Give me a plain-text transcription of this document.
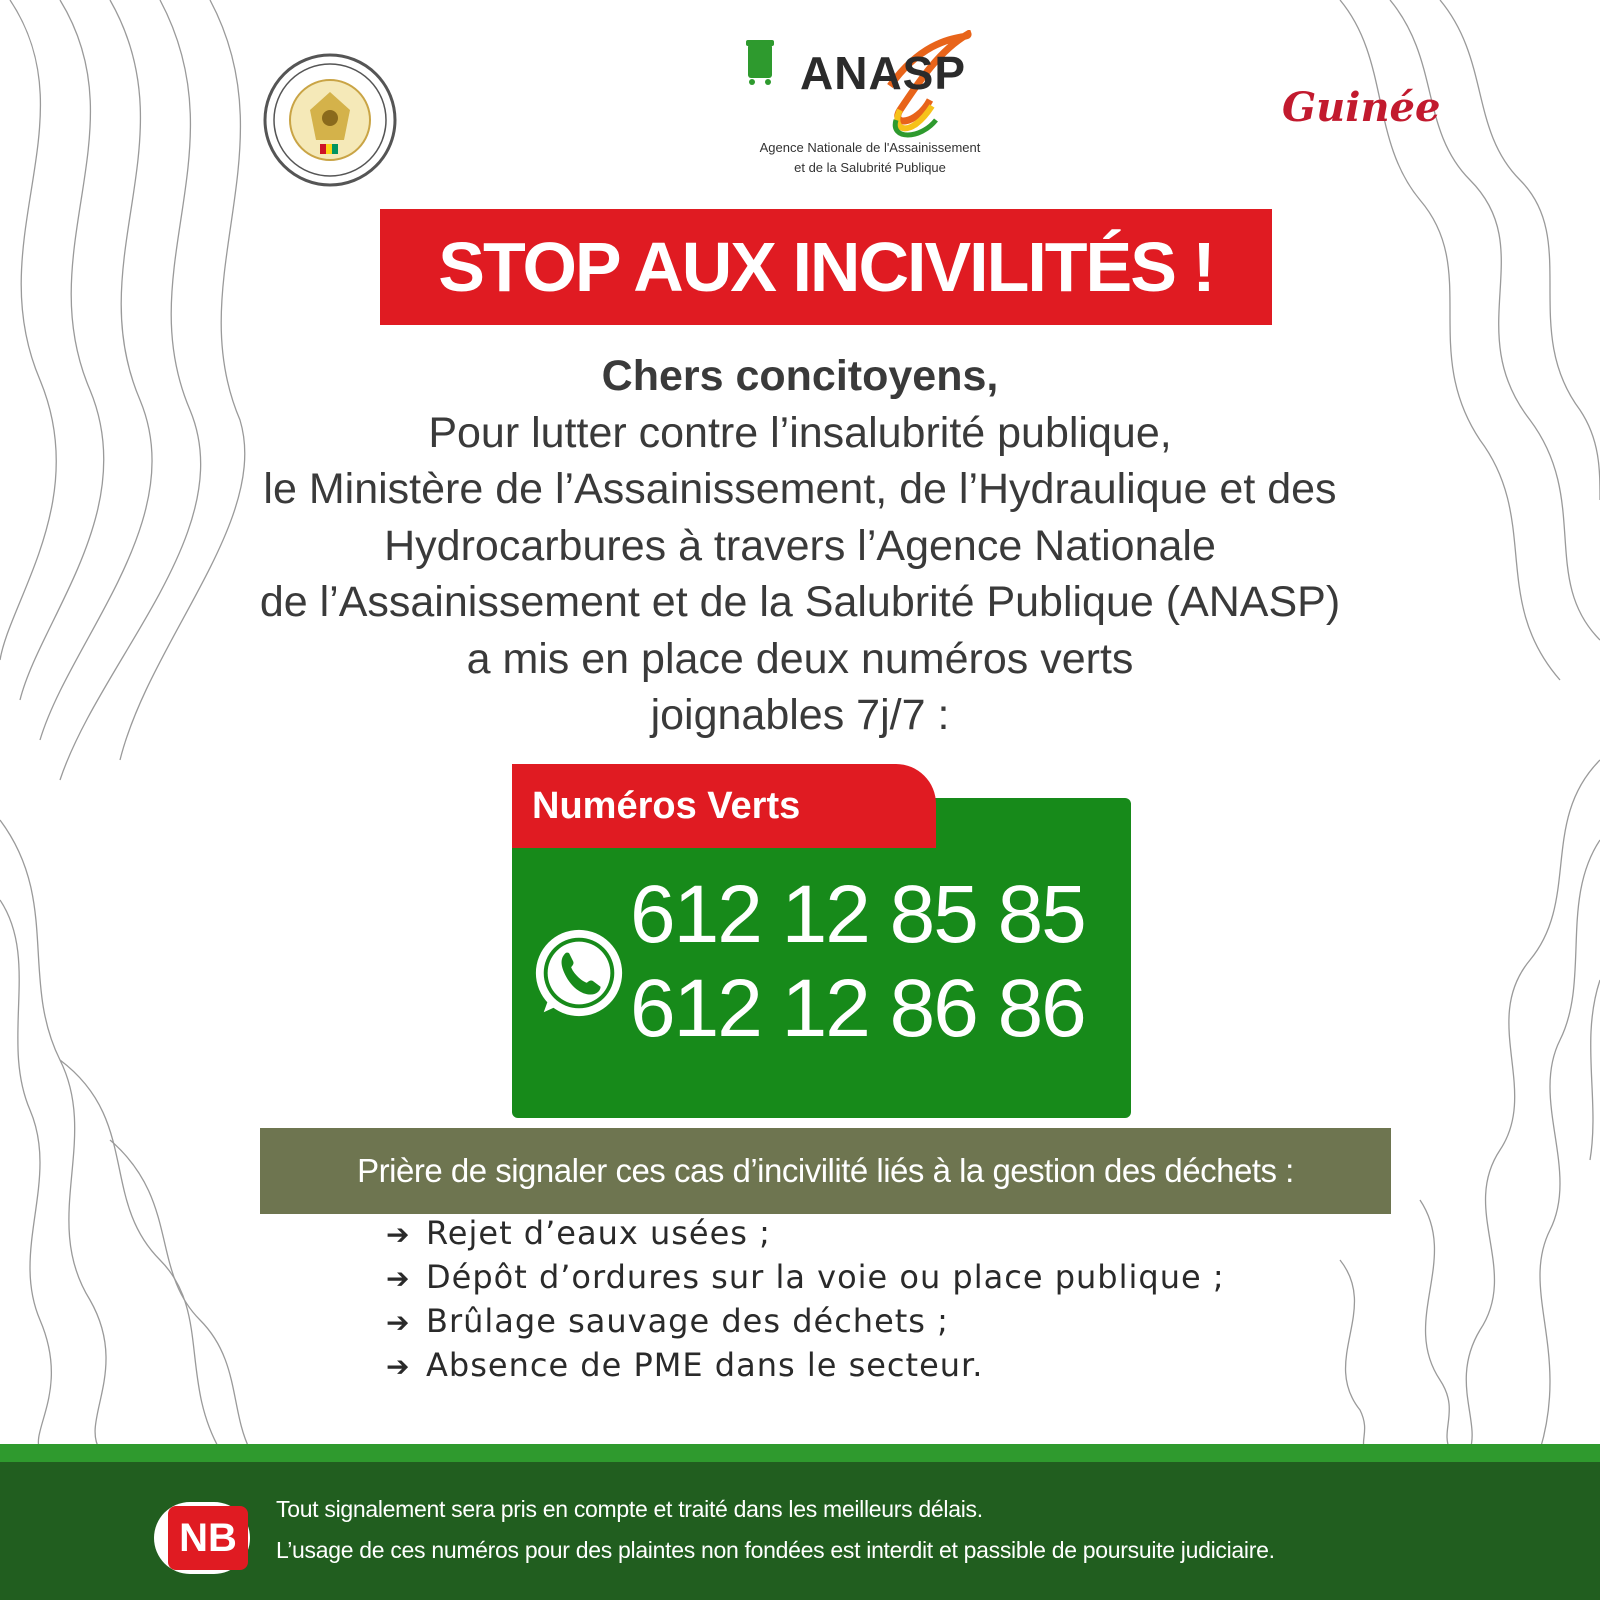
ANASP
Agence Nationale de l'Assainissement
et de la Salubrité Publique
Guinée
STOP AUX INCIVILITÉS !
Chers concitoyens,
Pour lutter contre l’insalubrité publique,
le Ministère de l’Assainissement, de l’Hydraulique et des
Hydrocarbures à travers l’Agence Nationale
de l’Assainissement et de la Salubrité Publique (ANASP)
a mis en place deux numéros verts
joignables 7j/7 :
Numéros Verts
612 12 85 85
612 12 86 86
Prière de signaler ces cas d’incivilité liés à la gestion des déchets :
➔ Rejet d’eaux usées ;
➔ Dépôt d’ordures sur la voie ou place publique ;
➔ Brûlage sauvage des déchets ;
➔ Absence de PME dans le secteur.
NB
Tout signalement sera pris en compte et traité dans les meilleurs délais.
L’usage de ces numéros pour des plaintes non fondées est interdit et passible de poursuite judiciaire.
